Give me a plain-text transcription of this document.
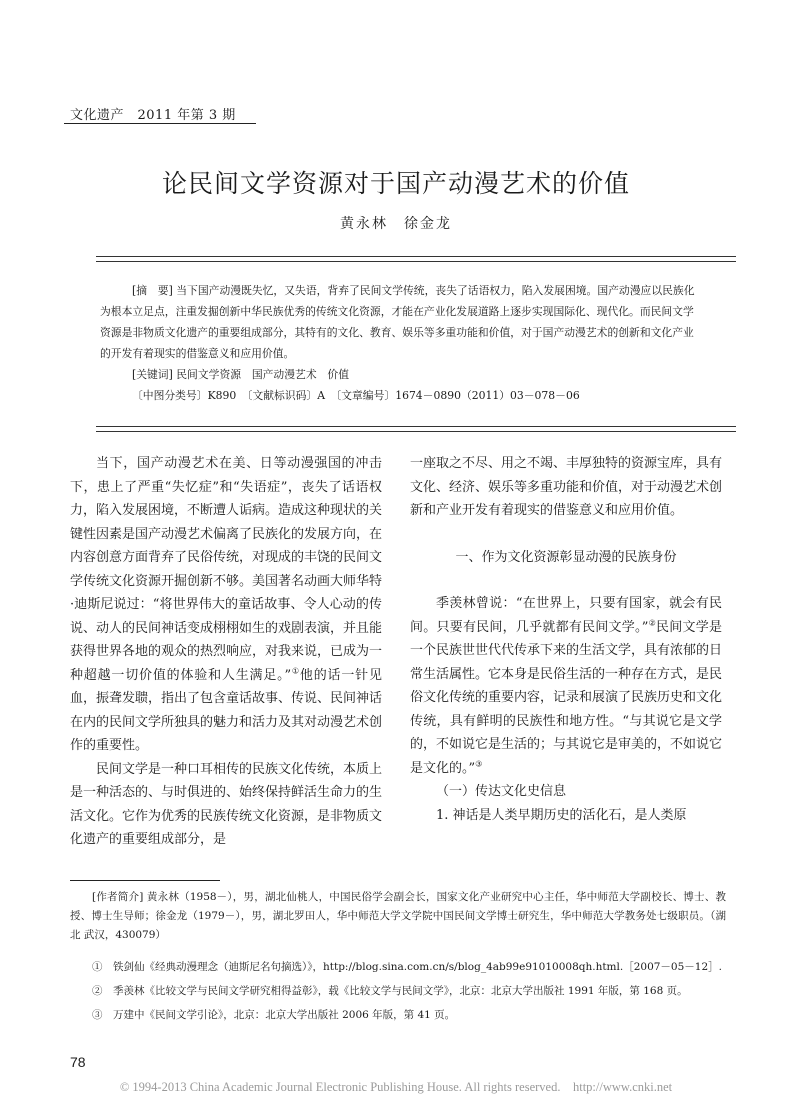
文化遗产　2011 年第 3 期
论民间文学资源对于国产动漫艺术的价值
黄永林　徐金龙
[摘　要] 当下国产动漫既失忆，又失语，背弃了民间文学传统，丧失了话语权力，陷入发展困境。国产动漫应以民族化为根本立足点，注重发掘创新中华民族优秀的传统文化资源，才能在产业化发展道路上逐步实现国际化、现代化。而民间文学资源是非物质文化遗产的重要组成部分，其特有的文化、教育、娱乐等多重功能和价值，对于国产动漫艺术的创新和文化产业的开发有着现实的借鉴意义和应用价值。
[关键词] 民间文学资源　国产动漫艺术　价值
〔中图分类号〕K890　〔文献标识码〕A　〔文章编号〕1674－0890（2011）03－078－06

当下，国产动漫艺术在美、日等动漫强国的冲击下，患上了严重“失忆症”和“失语症”，丧失了话语权力，陷入发展困境，不断遭人诟病。造成这种现状的关键性因素是国产动漫艺术偏离了民族化的发展方向，在内容创意方面背弃了民俗传统，对现成的丰饶的民间文学传统文化资源开掘创新不够。美国著名动画大师华特·迪斯尼说过：“将世界伟大的童话故事、令人心动的传说、动人的民间神话变成栩栩如生的戏剧表演，并且能获得世界各地的观众的热烈响应，对我来说，已成为一种超越一切价值的体验和人生满足。”①他的话一针见血，振聋发聩，指出了包含童话故事、传说、民间神话在内的民间文学所独具的魅力和活力及其对动漫艺术创作的重要性。

民间文学是一种口耳相传的民族文化传统，本质上是一种活态的、与时俱进的、始终保持鲜活生命力的生活文化。它作为优秀的民族传统文化资源，是非物质文化遗产的重要组成部分，是

一座取之不尽、用之不竭、丰厚独特的资源宝库，具有文化、经济、娱乐等多重功能和价值，对于动漫艺术创新和产业开发有着现实的借鉴意义和应用价值。

一、作为文化资源彰显动漫的民族身份

季羡林曾说：“在世界上，只要有国家，就会有民间。只要有民间，几乎就都有民间文学。”②民间文学是一个民族世世代代传承下来的生活文学，具有浓郁的日常生活属性。它本身是民俗生活的一种存在方式，是民俗文化传统的重要内容，记录和展演了民族历史和文化传统，具有鲜明的民族性和地方性。“与其说它是文学的，不如说它是生活的；与其说它是审美的，不如说它是文化的。”③

（一）传达文化史信息

1. 神话是人类早期历史的活化石，是人类原

[作者简介] 黄永林（1958－），男，湖北仙桃人，中国民俗学会副会长，国家文化产业研究中心主任，华中师范大学副校长、博士、教授、博士生导师；徐金龙（1979－），男，湖北罗田人，华中师范大学文学院中国民间文学博士研究生，华中师范大学教务处七级职员。（湖北 武汉，430079）
①　铁剑仙《经典动漫理念（迪斯尼名句摘选）》，http://blog.sina.com.cn/s/blog_4ab99e91010008qh.html.［2007－05－12］.
②　季羡林《比较文学与民间文学研究相得益彰》，载《比较文学与民间文学》，北京：北京大学出版社 1991 年版，第 168 页。
③　万建中《民间文学引论》，北京：北京大学出版社 2006 年版，第 41 页。
78
© 1994-2013 China Academic Journal Electronic Publishing House. All rights reserved.　http://www.cnki.net
